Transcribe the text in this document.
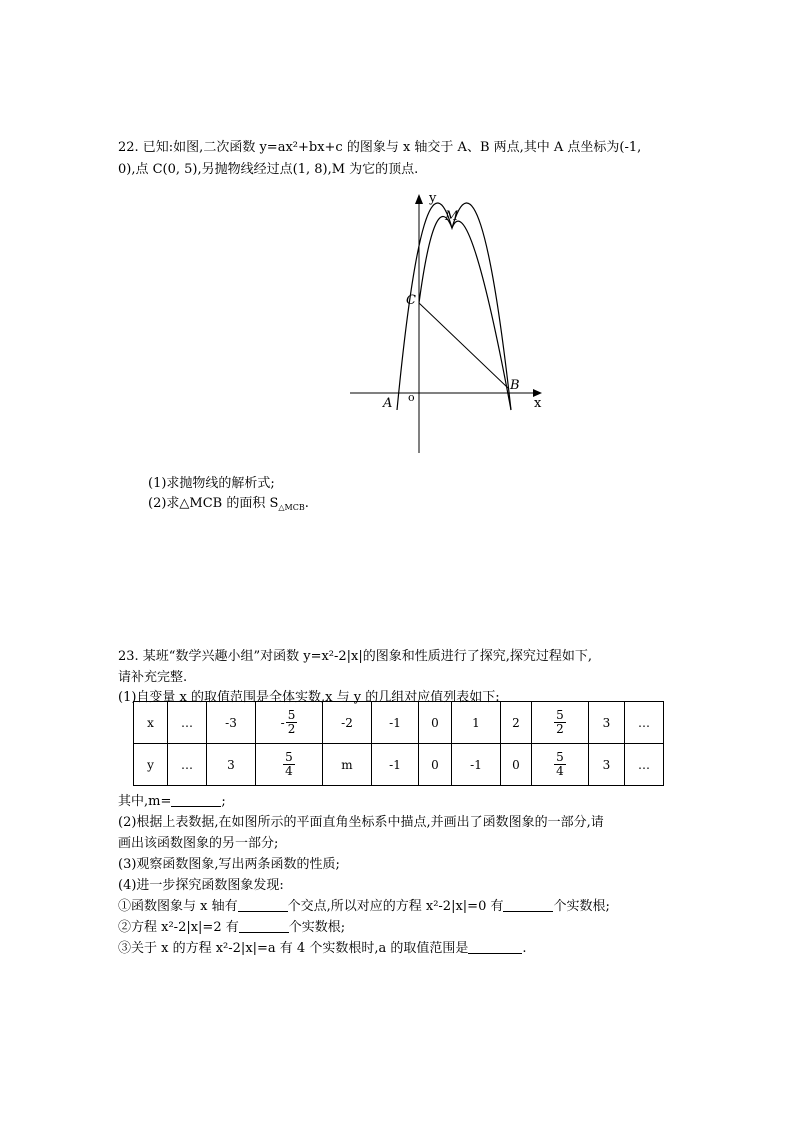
22. 已知:如图,二次函数 y=ax²+bx+c 的图象与 x 轴交于 A、B 两点,其中 A 点坐标为(-1,
0),点 C(0, 5),另抛物线经过点(1, 8),M 为它的顶点.
y
x
o
A
B
C
M
(1)求抛物线的解析式;
(2)求△MCB 的面积 $S_{\triangle MCB}$.
23. 某班“数学兴趣小组”对函数 y=x²-2|x|的图象和性质进行了探究,探究过程如下,
请补充完整.
(1)自变量 x 的取值范围是全体实数,x 与 y 的几组对应值列表如下:
x	…	-3	- $\frac{5}{2}$	-2	-1	0	1	2	$\frac{5}{2}$	3	…
y	…	3	$\frac{5}{4}$	m	-1	0	-1	0	$\frac{5}{4}$	3	…
其中,m=	;
(2)根据上表数据,在如图所示的平面直角坐标系中描点,并画出了函数图象的一部分,请
画出该函数图象的另一部分;
(3)观察函数图象,写出两条函数的性质;
(4)进一步探究函数图象发现:
①函数图象与 x 轴有	个交点,所以对应的方程 x²-2|x|=0 有	个实数根;
②方程 x²-2|x|=2 有	个实数根;
③关于 x 的方程 x²-2|x|=a 有 4 个实数根时,a 的取值范围是	.
